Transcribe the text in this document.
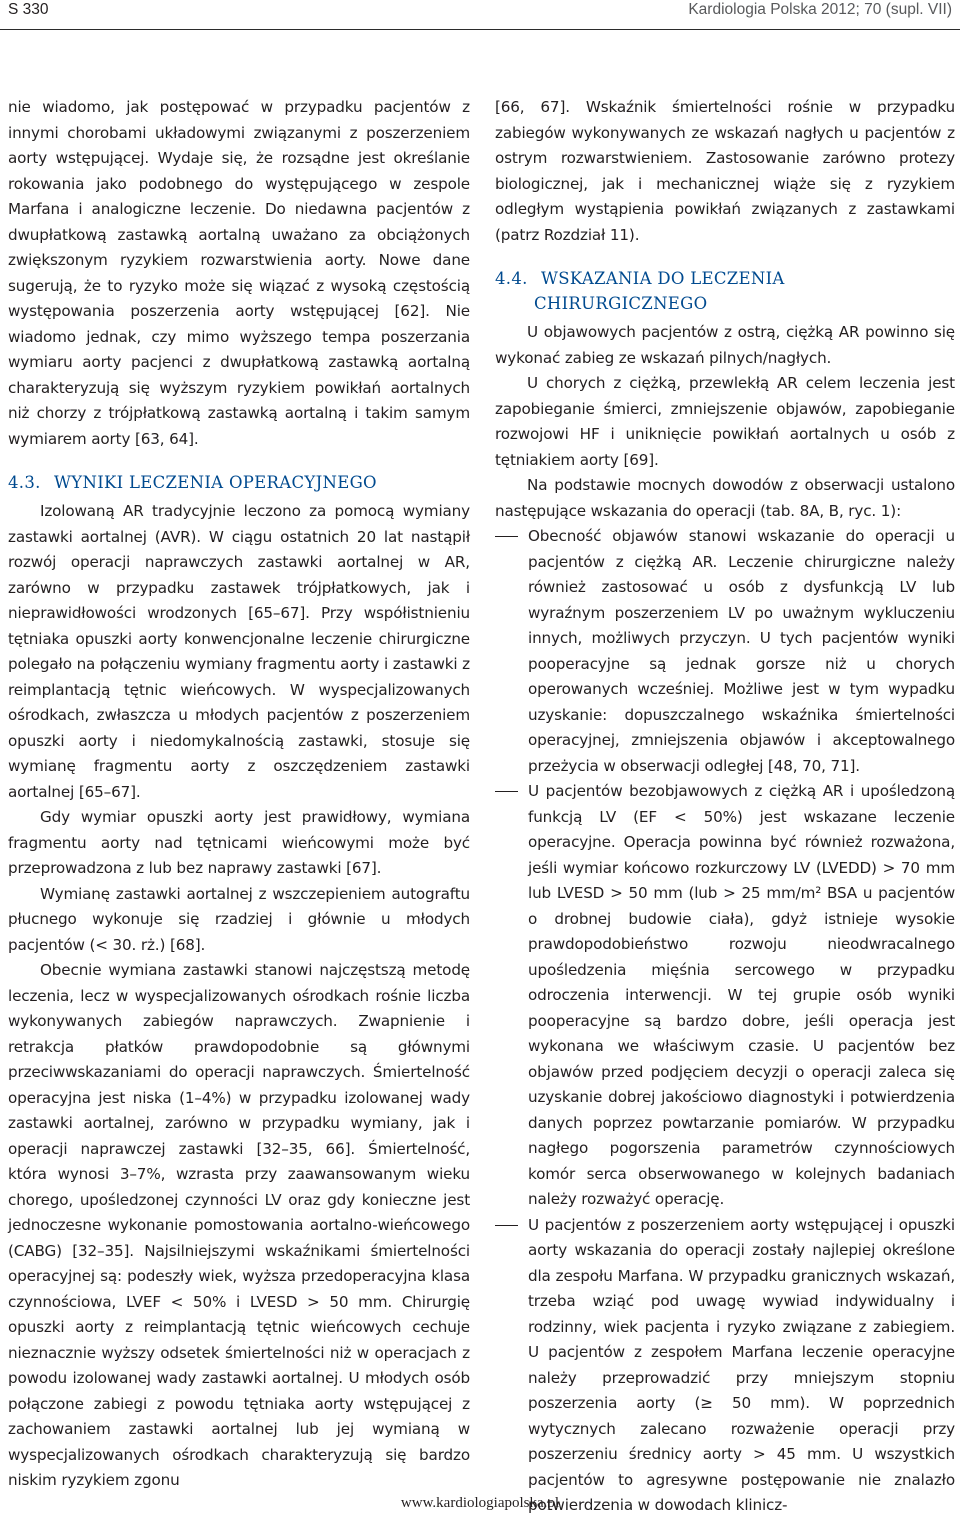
S 330	Kardiologia Polska 2012; 70 (supl. VII)

nie wiadomo, jak postępować w przypadku pacjentów z innymi chorobami układowymi związanymi z poszerzeniem aorty wstępującej. Wydaje się, że rozsądne jest określanie rokowania jako podobnego do występującego w zespole Marfana i analogiczne leczenie. Do niedawna pacjentów z dwupłatkową zastawką aortalną uważano za obciążonych zwiększonym ryzykiem rozwarstwienia aorty. Nowe dane sugerują, że to ryzyko może się wiązać z wysoką częstością występowania poszerzenia aorty wstępującej [62]. Nie wiadomo jednak, czy mimo wyższego tempa poszerzania wymiaru aorty pacjenci z dwupłatkową zastawką aortalną charakteryzują się wyższym ryzykiem powikłań aortalnych niż chorzy z trójpłatkową zastawką aortalną i takim samym wymiarem aorty [63, 64].

4.3. WYNIKI LECZENIA OPERACYJNEGO

Izolowaną AR tradycyjnie leczono za pomocą wymiany zastawki aortalnej (AVR). W ciągu ostatnich 20 lat nastąpił rozwój operacji naprawczych zastawki aortalnej w AR, zarówno w przypadku zastawek trójpłatkowych, jak i nieprawidłowości wrodzonych [65–67]. Przy współistnieniu tętniaka opuszki aorty konwencjonalne leczenie chirurgiczne polegało na połączeniu wymiany fragmentu aorty i zastawki z reimplantacją tętnic wieńcowych. W wyspecjalizowanych ośrodkach, zwłaszcza u młodych pacjentów z poszerzeniem opuszki aorty i niedomykalnością zastawki, stosuje się wymianę fragmentu aorty z oszczędzeniem zastawki aortalnej [65–67].

Gdy wymiar opuszki aorty jest prawidłowy, wymiana fragmentu aorty nad tętnicami wieńcowymi może być przeprowadzona z lub bez naprawy zastawki [67].

Wymianę zastawki aortalnej z wszczepieniem autograftu płucnego wykonuje się rzadziej i głównie u młodych pacjentów (< 30. rż.) [68].

Obecnie wymiana zastawki stanowi najczęstszą metodę leczenia, lecz w wyspecjalizowanych ośrodkach rośnie liczba wykonywanych zabiegów naprawczych. Zwapnienie i retrakcja płatków prawdopodobnie są głównymi przeciwwskazaniami do operacji naprawczych. Śmiertelność operacyjna jest niska (1–4%) w przypadku izolowanej wady zastawki aortalnej, zarówno w przypadku wymiany, jak i operacji naprawczej zastawki [32–35, 66]. Śmiertelność, która wynosi 3–7%, wzrasta przy zaawansowanym wieku chorego, upośledzonej czynności LV oraz gdy konieczne jest jednoczesne wykonanie pomostowania aortalno-wieńcowego (CABG) [32–35]. Najsilniejszymi wskaźnikami śmiertelności operacyjnej są: podeszły wiek, wyższa przedoperacyjna klasa czynnościowa, LVEF < 50% i LVESD > 50 mm. Chirurgię opuszki aorty z reimplantacją tętnic wieńcowych cechuje nieznacznie wyższy odsetek śmiertelności niż w operacjach z powodu izolowanej wady zastawki aortalnej. U młodych osób połączone zabiegi z powodu tętniaka aorty wstępującej z zachowaniem zastawki aortalnej lub jej wymianą w wyspecjalizowanych ośrodkach charakteryzują się bardzo niskim ryzykiem zgonu

[66, 67]. Wskaźnik śmiertelności rośnie w przypadku zabiegów wykonywanych ze wskazań nagłych u pacjentów z ostrym rozwarstwieniem. Zastosowanie zarówno protezy biologicznej, jak i mechanicznej wiąże się z ryzykiem odległym wystąpienia powikłań związanych z zastawkami (patrz Rozdział 11).

4.4. WSKAZANIA DO LECZENIA
CHIRURGICZNEGO

U objawowych pacjentów z ostrą, ciężką AR powinno się wykonać zabieg ze wskazań pilnych/nagłych.

U chorych z ciężką, przewlekłą AR celem leczenia jest zapobieganie śmierci, zmniejszenie objawów, zapobieganie rozwojowi HF i uniknięcie powikłań aortalnych u osób z tętniakiem aorty [69].

Na podstawie mocnych dowodów z obserwacji ustalono następujące wskazania do operacji (tab. 8A, B, ryc. 1):

Obecność objawów stanowi wskazanie do operacji u pacjentów z ciężką AR. Leczenie chirurgiczne należy również zastosować u osób z dysfunkcją LV lub wyraźnym poszerzeniem LV po uważnym wykluczeniu innych, możliwych przyczyn. U tych pacjentów wyniki pooperacyjne są jednak gorsze niż u chorych operowanych wcześniej. Możliwe jest w tym wypadku uzyskanie: dopuszczalnego wskaźnika śmiertelności operacyjnej, zmniejszenia objawów i akceptowalnego przeżycia w obserwacji odległej [48, 70, 71].
U pacjentów bezobjawowych z ciężką AR i upośledzoną funkcją LV (EF < 50%) jest wskazane leczenie operacyjne. Operacja powinna być również rozważona, jeśli wymiar końcowo rozkurczowy LV (LVEDD) > 70 mm lub LVESD > 50 mm (lub > 25 mm/m² BSA u pacjentów o drobnej budowie ciała), gdyż istnieje wysokie prawdopodobieństwo rozwoju nieodwracalnego upośledzenia mięśnia sercowego w przypadku odroczenia interwencji. W tej grupie osób wyniki pooperacyjne są bardzo dobre, jeśli operacja jest wykonana we właściwym czasie. U pacjentów bez objawów przed podjęciem decyzji o operacji zaleca się uzyskanie dobrej jakościowo diagnostyki i potwierdzenia danych poprzez powtarzanie pomiarów. W przypadku nagłego pogorszenia parametrów czynnościowych komór serca obserwowanego w kolejnych badaniach należy rozważyć operację.
U pacjentów z poszerzeniem aorty wstępującej i opuszki aorty wskazania do operacji zostały najlepiej określone dla zespołu Marfana. W przypadku granicznych wskazań, trzeba wziąć pod uwagę wywiad indywidualny i rodzinny, wiek pacjenta i ryzyko związane z zabiegiem. U pacjentów z zespołem Marfana leczenie operacyjne należy przeprowadzić przy mniejszym stopniu poszerzenia aorty (≥ 50 mm). W poprzednich wytycznych zalecano rozważenie operacji przy poszerzeniu średnicy aorty > 45 mm. U wszystkich pacjentów to agresywne postępowanie nie znalazło potwierdzenia w dowodach klinicz-
www.kardiologiapolska.pl
